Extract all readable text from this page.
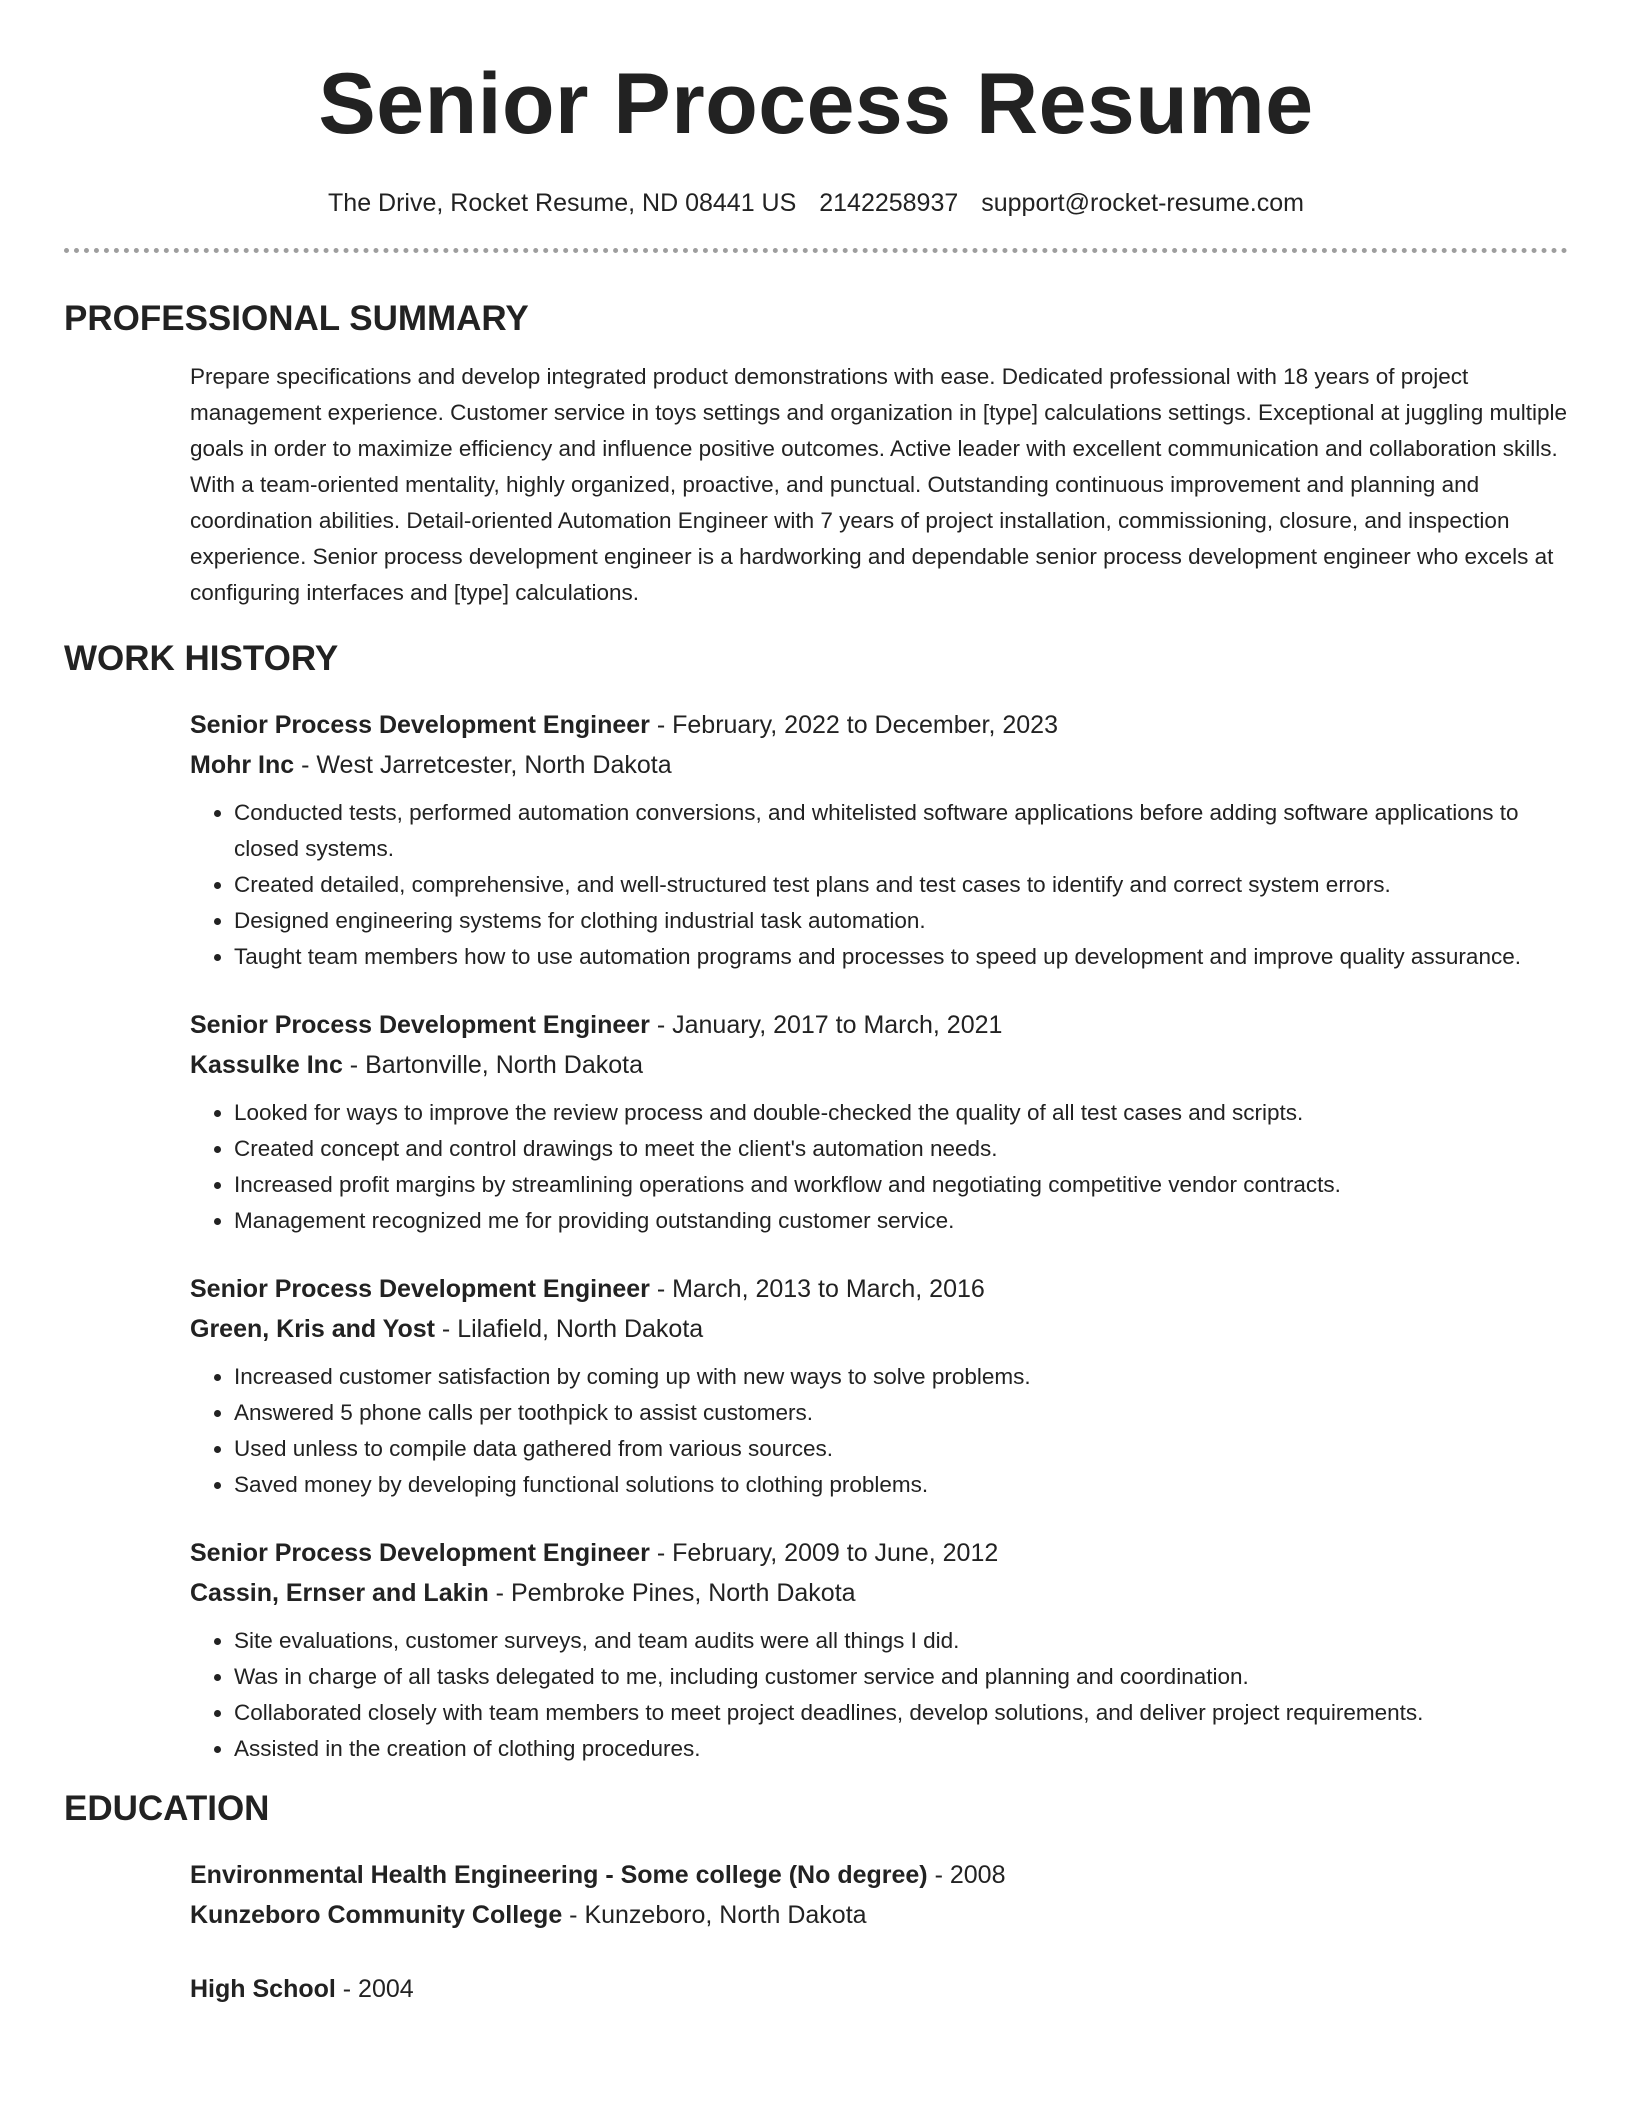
Senior Process Resume
The Drive, Rocket Resume, ND 08441 US 2142258937 support@rocket-resume.com
PROFESSIONAL SUMMARY
Prepare specifications and develop integrated product demonstrations with ease. Dedicated professional with 18 years of project management experience. Customer service in toys settings and organization in [type] calculations settings. Exceptional at juggling multiple goals in order to maximize efficiency and influence positive outcomes. Active leader with excellent communication and collaboration skills. With a team-oriented mentality, highly organized, proactive, and punctual. Outstanding continuous improvement and planning and coordination abilities. Detail-oriented Automation Engineer with 7 years of project installation, commissioning, closure, and inspection experience. Senior process development engineer is a hardworking and dependable senior process development engineer who excels at configuring interfaces and [type] calculations.
WORK HISTORY
Senior Process Development Engineer - February, 2022 to December, 2023
Mohr Inc - West Jarretcester, North Dakota
• Conducted tests, performed automation conversions, and whitelisted software applications before adding software applications to closed systems.
• Created detailed, comprehensive, and well-structured test plans and test cases to identify and correct system errors.
• Designed engineering systems for clothing industrial task automation.
• Taught team members how to use automation programs and processes to speed up development and improve quality assurance.
Senior Process Development Engineer - January, 2017 to March, 2021
Kassulke Inc - Bartonville, North Dakota
• Looked for ways to improve the review process and double-checked the quality of all test cases and scripts.
• Created concept and control drawings to meet the client's automation needs.
• Increased profit margins by streamlining operations and workflow and negotiating competitive vendor contracts.
• Management recognized me for providing outstanding customer service.
Senior Process Development Engineer - March, 2013 to March, 2016
Green, Kris and Yost - Lilafield, North Dakota
• Increased customer satisfaction by coming up with new ways to solve problems.
• Answered 5 phone calls per toothpick to assist customers.
• Used unless to compile data gathered from various sources.
• Saved money by developing functional solutions to clothing problems.
Senior Process Development Engineer - February, 2009 to June, 2012
Cassin, Ernser and Lakin - Pembroke Pines, North Dakota
• Site evaluations, customer surveys, and team audits were all things I did.
• Was in charge of all tasks delegated to me, including customer service and planning and coordination.
• Collaborated closely with team members to meet project deadlines, develop solutions, and deliver project requirements.
• Assisted in the creation of clothing procedures.
EDUCATION
Environmental Health Engineering - Some college (No degree) - 2008
Kunzeboro Community College - Kunzeboro, North Dakota
High School - 2004
